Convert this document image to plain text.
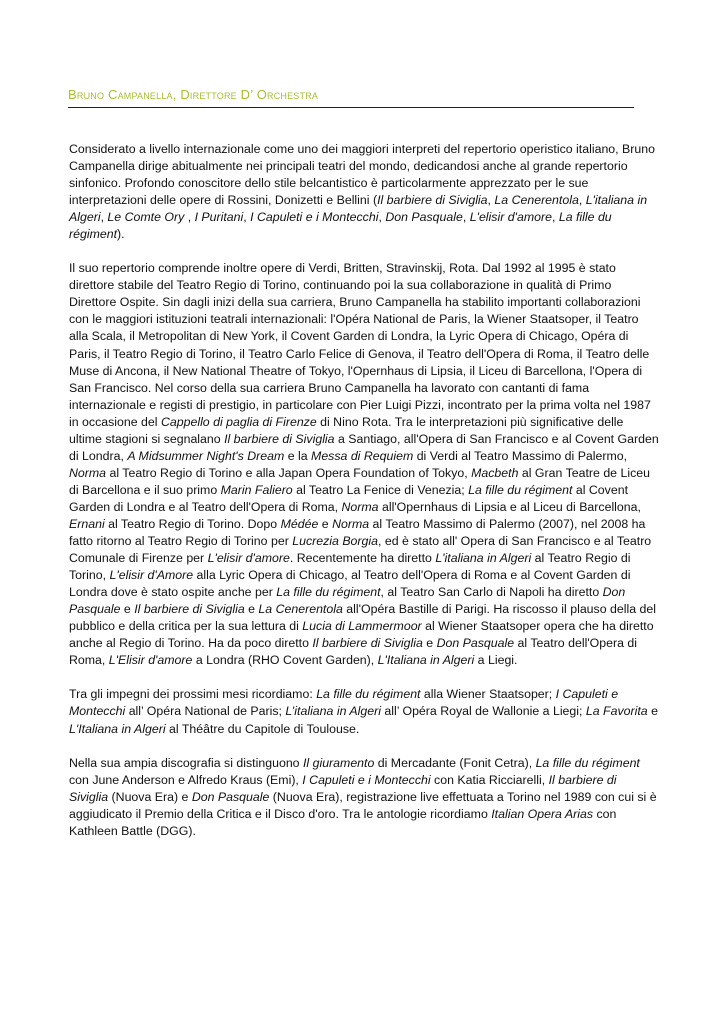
Bruno Campanella, Direttore D’ Orchestra

Considerato a livello internazionale come uno dei maggiori interpreti del repertorio operistico italiano, Bruno Campanella dirige abitualmente nei principali teatri del mondo, dedicandosi anche al grande repertorio sinfonico. Profondo conoscitore dello stile belcantistico è particolarmente apprezzato per le sue interpretazioni delle opere di Rossini, Donizetti e Bellini (Il barbiere di Siviglia, La Cenerentola, L'italiana in Algeri, Le Comte Ory , I Puritani, I Capuleti e i Montecchi, Don Pasquale, L'elisir d'amore, La fille du régiment).

Il suo repertorio comprende inoltre opere di Verdi, Britten, Stravinskij, Rota. Dal 1992 al 1995 è stato direttore stabile del Teatro Regio di Torino, continuando poi la sua collaborazione in qualità di Primo Direttore Ospite. Sin dagli inizi della sua carriera, Bruno Campanella ha stabilito importanti collaborazioni con le maggiori istituzioni teatrali internazionali: l'Opéra National de Paris, la Wiener Staatsoper, il Teatro alla Scala, il Metropolitan di New York, il Covent Garden di Londra, la Lyric Opera di Chicago, Opéra di Paris, il Teatro Regio di Torino, il Teatro Carlo Felice di Genova, il Teatro dell'Opera di Roma, il Teatro delle Muse di Ancona, il New National Theatre of Tokyo, l'Opernhaus di Lipsia, il Liceu di Barcellona, l'Opera di San Francisco. Nel corso della sua carriera Bruno Campanella ha lavorato con cantanti di fama internazionale e registi di prestigio, in particolare con Pier Luigi Pizzi, incontrato per la prima volta nel 1987 in occasione del Cappello di paglia di Firenze di Nino Rota. Tra le interpretazioni più significative delle ultime stagioni si segnalano Il barbiere di Siviglia a Santiago, all'Opera di San Francisco e al Covent Garden di Londra, A Midsummer Night's Dream e la Messa di Requiem di Verdi al Teatro Massimo di Palermo, Norma al Teatro Regio di Torino e alla Japan Opera Foundation of Tokyo, Macbeth al Gran Teatre de Liceu di Barcellona e il suo primo Marin Faliero al Teatro La Fenice di Venezia; La fille du régiment al Covent Garden di Londra e al Teatro dell'Opera di Roma, Norma all'Opernhaus di Lipsia e al Liceu di Barcellona, Ernani al Teatro Regio di Torino. Dopo Médée e Norma al Teatro Massimo di Palermo (2007), nel 2008 ha fatto ritorno al Teatro Regio di Torino per Lucrezia Borgia, ed è stato all' Opera di San Francisco e al Teatro Comunale di Firenze per L'elisir d'amore. Recentemente ha diretto L'italiana in Algeri al Teatro Regio di Torino, L'elisir d'Amore alla Lyric Opera di Chicago, al Teatro dell'Opera di Roma e al Covent Garden di Londra dove è stato ospite anche per La fille du régiment, al Teatro San Carlo di Napoli ha diretto Don Pasquale e Il barbiere di Siviglia e La Cenerentola all'Opéra Bastille di Parigi. Ha riscosso il plauso della del pubblico e della critica per la sua lettura di Lucia di Lammermoor al Wiener Staatsoper opera che ha diretto anche al Regio di Torino. Ha da poco diretto Il barbiere di Siviglia e Don Pasquale al Teatro dell'Opera di Roma, L'Elisir d'amore a Londra (RHO Covent Garden), L'Italiana in Algeri a Liegi.

Tra gli impegni dei prossimi mesi ricordiamo: La fille du régiment alla Wiener Staatsoper; I Capuleti e Montecchi all’ Opéra National de Paris; L’italiana in Algeri all’ Opéra Royal de Wallonie a Liegi; La Favorita e L'Italiana in Algeri al Théâtre du Capitole di Toulouse.

Nella sua ampia discografia si distinguono Il giuramento di Mercadante (Fonit Cetra), La fille du régiment con June Anderson e Alfredo Kraus (Emi), I Capuleti e i Montecchi con Katia Ricciarelli, Il barbiere di Siviglia (Nuova Era) e Don Pasquale (Nuova Era), registrazione live effettuata a Torino nel 1989 con cui si è aggiudicato il Premio della Critica e il Disco d'oro. Tra le antologie ricordiamo Italian Opera Arias con Kathleen Battle (DGG).
